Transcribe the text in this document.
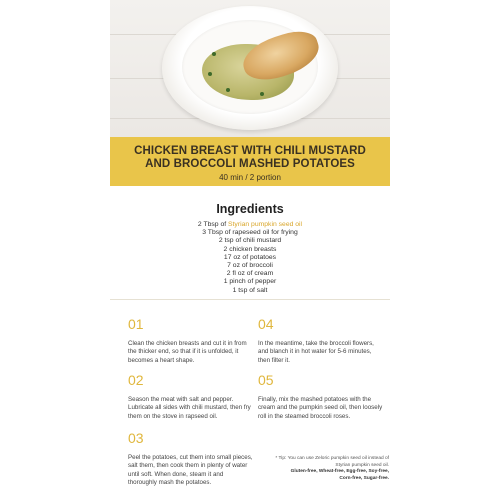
CHICKEN BREAST WITH CHILI MUSTARD
AND BROCCOLI MASHED POTATOES
40 min / 2 portion
Ingredients
2 Tbsp of Styrian pumpkin seed oil
3 Tbsp of rapeseed oil for frying
2 tsp of chili mustard
2 chicken breasts
17 oz of potatoes
7 oz of broccoli
2 fl oz of cream
1 pinch of pepper
1 tsp of salt
01
Clean the chicken breasts and cut it in from the thicker end, so that if it is unfolded, it becomes a heart shape.
02
Season the meat with salt and pepper. Lubricate all sides with chili mustard, then fry them on the stove in rapseed oil.
03
Peel the potatoes, cut them into small pieces, salt them, then cook them in plenty of water until soft. When done, steam it and thoroughly mash the potatoes.
04
In the meantime, take the broccoli flowers, and blanch it in hot water for 5-6 minutes, then filter it.
05
Finally, mix the mashed potatoes with the cream and the pumpkin seed oil, then loosely roll in the steamed broccoli roses.
* Tip: You can use Zeloric pumpkin seed oil instead of
Styrian pumpkin seed oil.
Gluten-free, Wheat-free, Egg-free, Soy-free,
Corn-free, Sugar-free.
